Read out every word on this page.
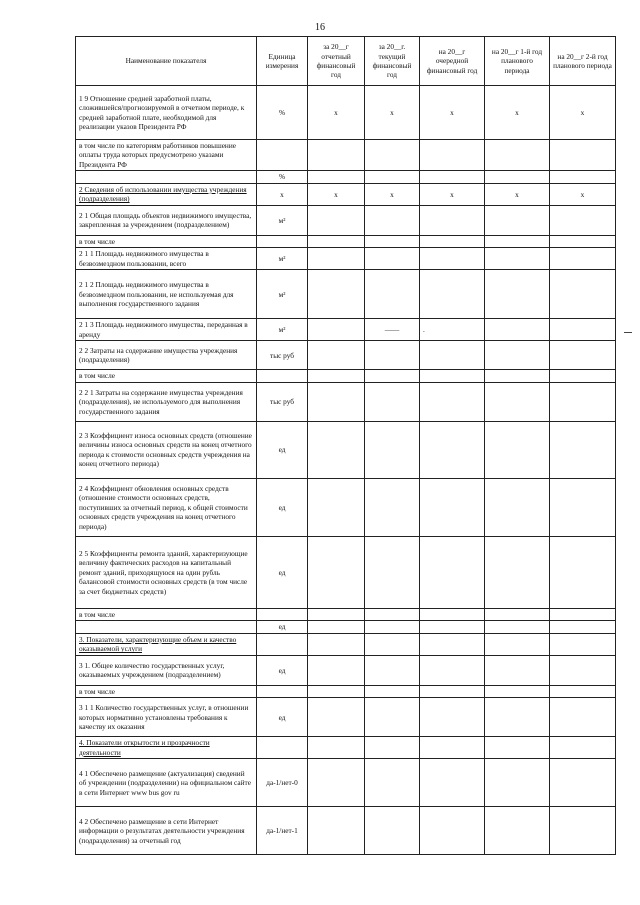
16
Наименование показателя	Единица измерения	за 20__г отчетный финансовый год	за 20__г. текущий финансовый год	на 20__г очередной финансовый год	на 20__г 1-й год планового периода	на 20__г 2-й год планового периода
1 9 Отношение средней заработной платы, сложившейся/прогнозируемой в отчетном периоде, к средней заработной плате, необходимой для реализации указов Президента РФ	%	x	x	x	x	x
в том числе по категориям работников повышение оплаты труда которых предусмотрено указами Президента РФ						
	%					
2 Сведения об использовании имущества учреждения (подразделения)	x	x	x	x	x	x
2 1 Общая площадь объектов недвижимого имущества, закрепленная за учреждением (подразделением)	м²					
в том числе						
2 1 1 Площадь недвижимого имущества в безвозмездном пользовании, всего	м²					
2 1 2 Площадь недвижимого имущества в безвозмездном пользовании, не используемая для выполнения государственного задания	м²					
2 1 3 Площадь недвижимого имущества, переданная в аренду	м²		——	.		
2 2 Затраты на содержание имущества учреждения (подразделения)	тыс руб					
в том числе						
2 2 1 Затраты на содержание имущества учреждения (подразделения), не используемого для выполнения государственного задания	тыс руб					
2 3 Коэффициент износа основных средств (отношение величины износа основных средств на конец отчетного периода к стоимости основных средств учреждения на конец отчетного периода)	ед					
2 4 Коэффициент обновления основных средств (отношение стоимости основных средств, поступивших за отчетный период, к общей стоимости основных средств учреждения на конец отчетного периода)	ед					
2 5 Коэффициенты ремонта зданий, характеризующие величину фактических расходов на капитальный ремонт зданий, приходящуюся на один рубль балансовой стоимости основных средств (в том числе за счет бюджетных средств)	ед					
в том числе						
	ед					
3. Показатели, характеризующие объем и качество оказываемой услуги						
3 1. Общее количество государственных услуг, оказываемых учреждением (подразделением)	ед					
в том числе						
3 1 1 Количество государственных услуг, в отношении которых нормативно установлены требования к качеству их оказания	ед					
4. Показатели открытости и прозрачности деятельности						
4 1 Обеспечено размещение (актуализация) сведений об учреждении (подразделении) на официальном сайте в сети Интернет www bus gov ru	да-1/нет-0					
4 2 Обеспечено размещение в сети Интернет информации о результатах деятельности учреждения (подразделения) за отчетный год	да-1/нет-1					
